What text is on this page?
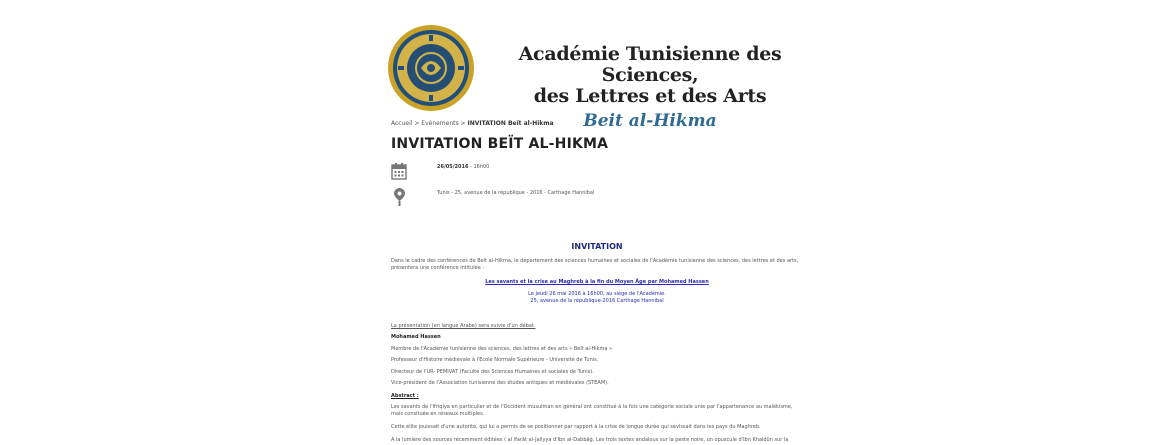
Académie Tunisienne des Sciences,
des Lettres et des Arts
Beit al-Hikma
Accueil > Evénements > INVITATION Beït al-Hikma
INVITATION BEÏT AL-HIKMA
26/05/2016 - 16h00
Tunis - 25, avenue de la république - 2016 - Carthage Hannibal
INVITATION
Dans le cadre des conférences de Beït al-Hikma, le département des sciences humaines et sociales de l'Académie tunisienne des sciences, des lettres et des arts, présentera une conférence intitulée :
Les savants et la crise au Maghreb à la fin du Moyen Âge par Mohamed Hassen
Le jeudi 26 mai 2016 à 16h00, au siège de l'Académie.
25, avenue de la république-2016 Carthage Hannibal
La présentation (en langue Arabe) sera suivie d'un débat.
Mohamed Hassen
Membre de l'Académie tunisienne des sciences, des lettres et des arts « Beït al-Hikma »
Professeur d'Histoire médiévale à l'Ecole Normale Supérieure - Université de Tunis.
Directeur de l'UR- PEMIVAT (Faculté des Sciences Humaines et sociales de Tunis).
Vice-président de l'Association tunisienne des études antiques et médiévales (STEAM).
Abstract :
Les savants de l'Ifriqiya en particulier et de l'Occident musulman en général ont constitué à la fois une catégorie sociale unie par l'appartenance au malékisme, mais consituée en réseaux multiples.
Cette élite jouissait d'une autorité, qui lui a permis de se positionner par rapport à la crise de longue durée qui sévissait dans les pays du Maghreb.
A la lumière des sources récemment éditées ( al ifarāt al-Jaliyya d'Ibn al-Dabbāġ, Les trois textes andalous sur la peste noire, un opuscule d'Ibn Khaldūn sur la
